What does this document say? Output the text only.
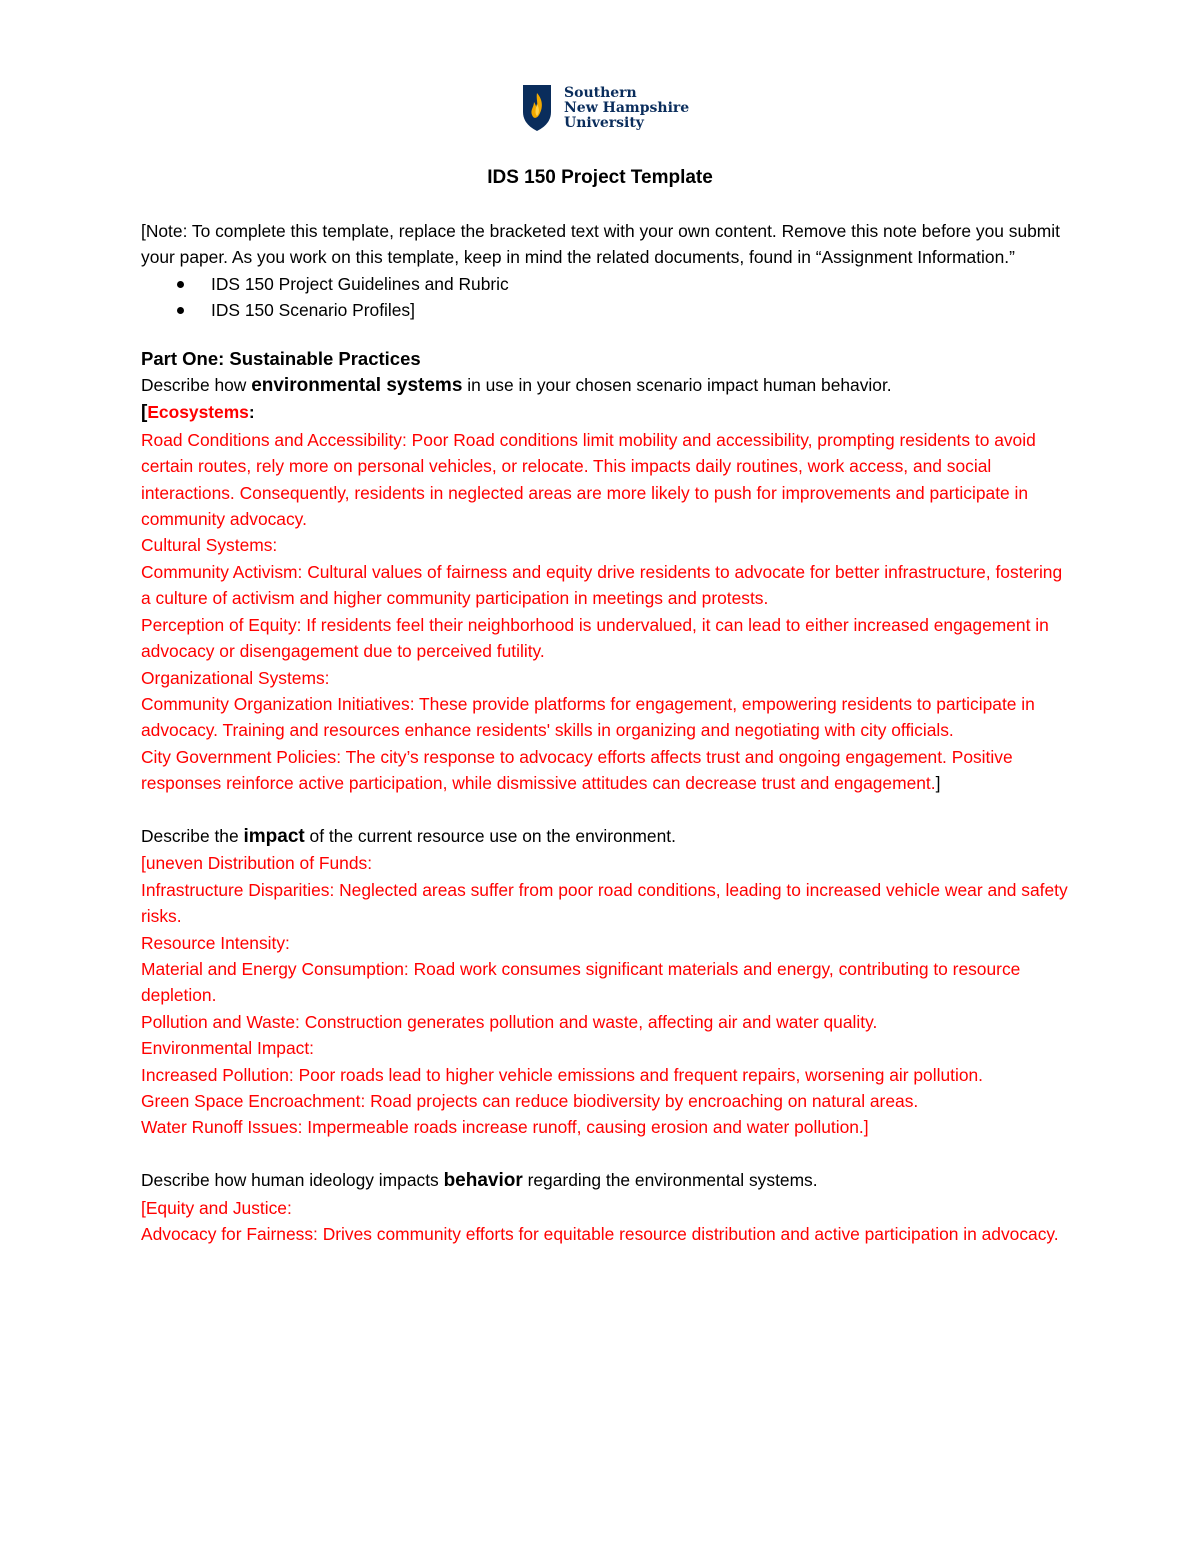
Southern
New Hampshire
University
IDS 150 Project Template

[Note: To complete this template, replace the bracketed text with your own content. Remove this note before you submit your paper. As you work on this template, keep in mind the related documents, found in “Assignment Information.”

IDS 150 Project Guidelines and Rubric
IDS 150 Scenario Profiles]

Part One: Sustainable Practices

Describe how environmental systems in use in your chosen scenario impact human behavior.

[Ecosystems:

Road Conditions and Accessibility: Poor Road conditions limit mobility and accessibility, prompting residents to avoid certain routes, rely more on personal vehicles, or relocate. This impacts daily routines, work access, and social interactions. Consequently, residents in neglected areas are more likely to push for improvements and participate in community advocacy.

Cultural Systems:

Community Activism: Cultural values of fairness and equity drive residents to advocate for better infrastructure, fostering a culture of activism and higher community participation in meetings and protests.

Perception of Equity: If residents feel their neighborhood is undervalued, it can lead to either increased engagement in advocacy or disengagement due to perceived futility.

Organizational Systems:

Community Organization Initiatives: These provide platforms for engagement, empowering residents to participate in advocacy. Training and resources enhance residents' skills in organizing and negotiating with city officials.

City Government Policies: The city’s response to advocacy efforts affects trust and ongoing engagement. Positive responses reinforce active participation, while dismissive attitudes can decrease trust and engagement.]

Describe the impact of the current resource use on the environment.

[uneven Distribution of Funds:

Infrastructure Disparities: Neglected areas suffer from poor road conditions, leading to increased vehicle wear and safety risks.

Resource Intensity:

Material and Energy Consumption: Road work consumes significant materials and energy, contributing to resource depletion.

Pollution and Waste: Construction generates pollution and waste, affecting air and water quality.

Environmental Impact:

Increased Pollution: Poor roads lead to higher vehicle emissions and frequent repairs, worsening air pollution.

Green Space Encroachment: Road projects can reduce biodiversity by encroaching on natural areas.

Water Runoff Issues: Impermeable roads increase runoff, causing erosion and water pollution.]

Describe how human ideology impacts behavior regarding the environmental systems.

[Equity and Justice:

Advocacy for Fairness: Drives community efforts for equitable resource distribution and active participation in advocacy.
